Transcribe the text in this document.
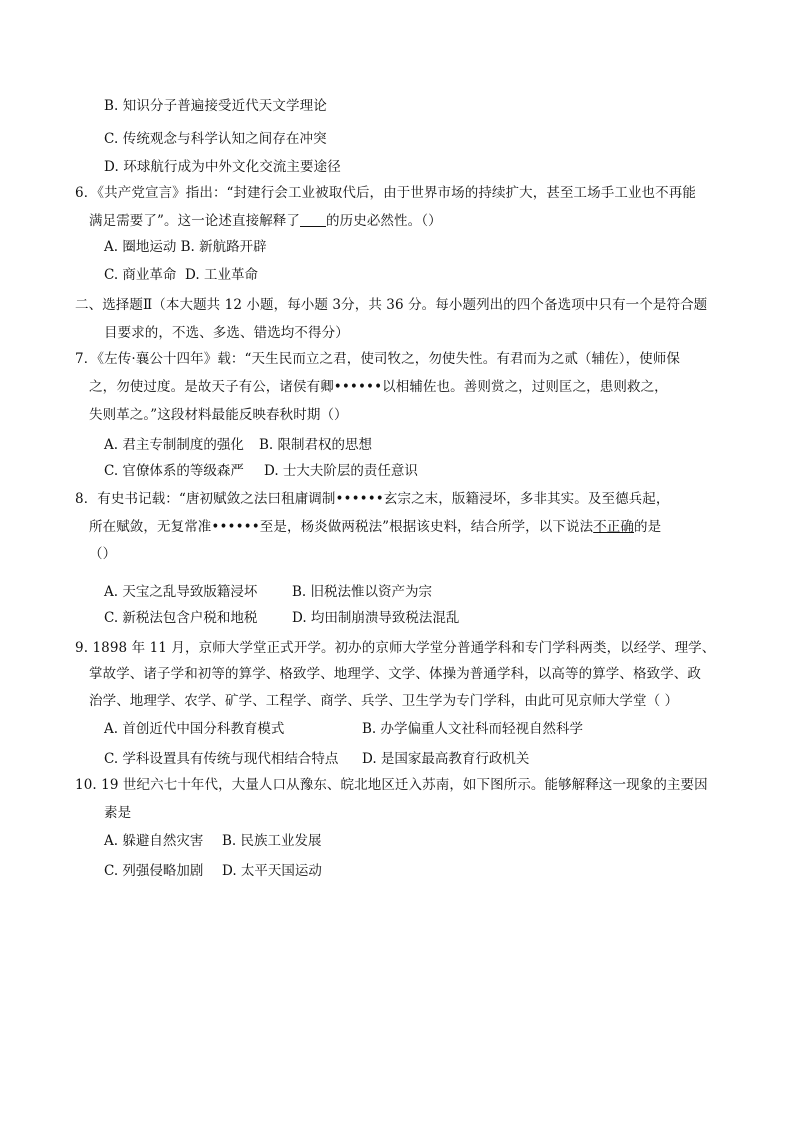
B. 知识分子普遍接受近代天文学理论
C. 传统观念与科学认知之间存在冲突
D. 环球航行成为中外文化交流主要途径
6．《共产党宣言》指出：“封建行会工业被取代后，由于世界市场的持续扩大，甚至工场手工业也不再能
满足需要了”。这一论述直接解释了 的历史必然性。（）
A. 圈地运动 B. 新航路开辟
C. 商业革命 D. 工业革命
二、选择题Ⅱ（本大题共 12 小题，每小题 3分，共 36 分。每小题列出的四个备选项中只有一个是符合题
目要求的，不选、多选、错选均不得分）
7．《左传·襄公十四年》载：“天生民而立之君，使司牧之，勿使失性。有君而为之贰（辅佐），使师保
之，勿使过度。是故天子有公，诸侯有卿••••••以相辅佐也。善则赏之，过则匡之，患则救之，
失则革之。”这段材料最能反映春秋时期（）
A. 君主专制制度的强化 B. 限制君权的思想
C. 官僚体系的等级森严 D. 士大夫阶层的责任意识
8．有史书记载：“唐初赋敛之法曰租庸调制••••••玄宗之末，版籍浸坏，多非其实。及至德兵起，
所在赋敛，无复常准••••••至是，杨炎做两税法”根据该史料，结合所学，以下说法不正确的是
（）
A. 天宝之乱导致版籍浸坏	B. 旧税法惟以资产为宗
C. 新税法包含户税和地税	D. 均田制崩溃导致税法混乱
9. 1898 年 11 月，京师大学堂正式开学。初办的京师大学堂分普通学科和专门学科两类，以经学、理学、
掌故学、诸子学和初等的算学、格致学、地理学、文学、体操为普通学科，以高等的算学、格致学、政
治学、地理学、农学、矿学、工程学、商学、兵学、卫生学为专门学科，由此可见京师大学堂（ ）
A. 首创近代中国分科教育模式	B. 办学偏重人文社科而轻视自然科学
C. 学科设置具有传统与现代相结合特点 D. 是国家最高教育行政机关
10. 19 世纪六七十年代，大量人口从豫东、皖北地区迁入苏南，如下图所示。能够解释这一现象的主要因
素是
A. 躲避自然灾害 B. 民族工业发展
C. 列强侵略加剧 D. 太平天国运动
